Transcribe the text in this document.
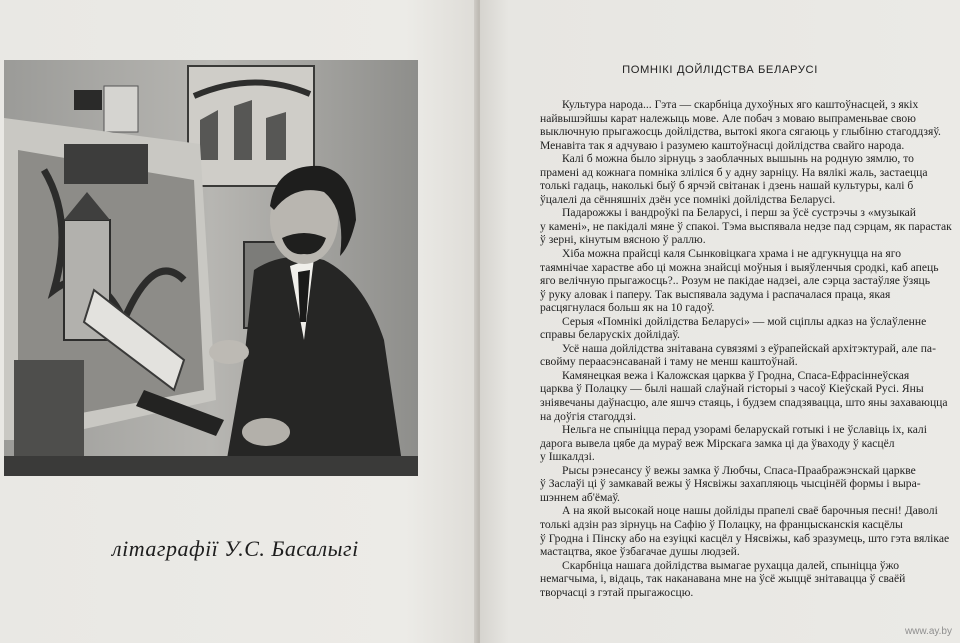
літаграфії У.С. Басалыгі
ПОМНІКІ ДОЙЛІДСТВА БЕЛАРУСІ
Культура народа... Гэта — скарбніца духоўных яго каштоўнасцей, з якіх
найвышэйшы карат належыць мове. Але побач з моваю выпраменьвае свою
выключную прыгажосць дойлідства, вытокі якога сягаюць у глыбіню стагоддзяў.
Менавіта так я адчуваю і разумею каштоўнасці дойлідства свайго народа.
Калі б можна было зірнуць з заоблачных вышынь на родную зямлю, то
прамені ад кожнага помніка зліліся б у адну зарніцу. На вялікі жаль, застаецца
толькі гадаць, наколькі быў б ярчэй світанак і дзень нашай культуры, калі б
ўцалелі да сённяшніх дзён усе помнікі дойлідства Беларусі.
Падарожжы і вандроўкі па Беларусі, і перш за ўсё сустрэчы з «музыкай
у камені», не пакідалі мяне ў спакоі. Тэма выспявала недзе пад сэрцам, як парастак
ў зерні, кінутым вясною ў раллю.
Хіба можна прайсці каля Сынковіцкага храма і не адгукнуцца на яго
таямнічае харастве або ці можна знайсці моўныя і выяўленчыя сродкі, каб апець
яго велічную прыгажосць?.. Розум не пакідае надзеі, але сэрца застаўляе ўзяць
ў руку аловак і паперу. Так выспявала задума і распачалася праца, якая
расцягнулася больш як на 10 гадоў.
Серыя «Помнікі дойлідства Беларусі» — мой сціплы адказ на ўслаўленне
справы беларускіх дойлідаў.
Усё наша дойлідства знітавана сувязямі з еўрапейскай архітэктурай, але па-
свойму пераасэнсаванай і таму не менш каштоўнай.
Камянецкая вежа і Каложская царква ў Гродна, Спаса-Ефрасіннеўская
царква ў Полацку — былі нашай слаўнай гісторыі з часоў Кіеўскай Русі. Яны
зніявечаны даўнасцю, але яшчэ стаяць, і будзем спадзявацца, што яны захаваюцца
на доўгія стагоддзі.
Нельга не спыніцца перад узорамі беларускай готыкі і не ўславіць іх, калі
дарога вывела цябе да мураў веж Мірскага замка ці да ўваходу ў касцёл
у Ішкалдзі.
Рысы рэнесансу ў вежы замка ў Любчы, Спаса-Праабражэнскай царкве
ў Заслаўі ці ў замкавай вежы ў Нясвіжы захапляюць чысцінёй формы і выра-
шэннем аб'ёмаў.
А на якой высокай ноце нашы дойліды прапелі сваё барочныя песні! Даволі
толькі адзін раз зірнуць на Сафію ў Полацку, на францысканскія касцёлы
ў Гродна і Пінску або на езуіцкі касцёл у Нясвіжы, каб зразумець, што гэта вялікае
мастацтва, якое ўзбагачае душы людзей.
Скарбніца нашага дойлідства вымагае рухацца далей, спыніцца ўжо
немагчыма, і, відаць, так наканавана мне на ўсё жыццё знітавацца ў сваёй
творчасці з гэтай прыгажосцю.
www.ay.by
